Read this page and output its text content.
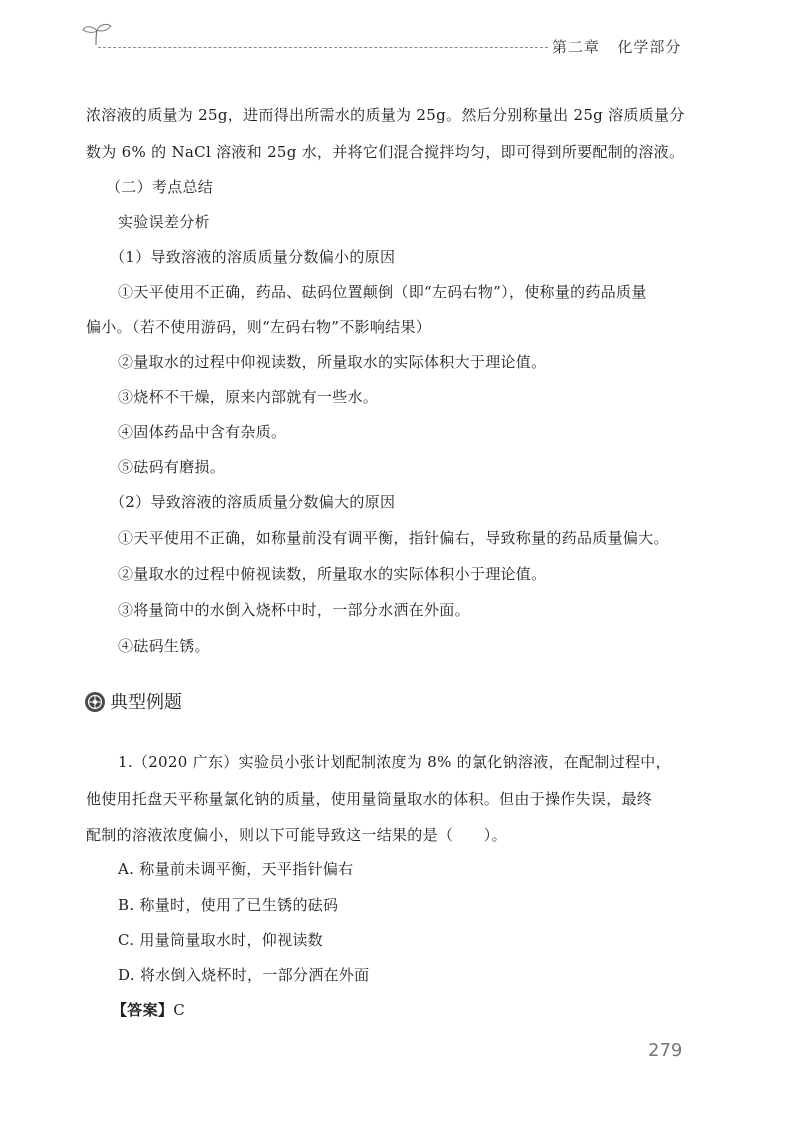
第二章 化学部分
浓溶液的质量为 25g，进而得出所需水的质量为 25g。然后分别称量出 25g 溶质质量分
数为 6% 的 NaCl 溶液和 25g 水，并将它们混合搅拌均匀，即可得到所要配制的溶液。
（二）考点总结
实验误差分析
（1）导致溶液的溶质质量分数偏小的原因
①天平使用不正确，药品、砝码位置颠倒（即“左码右物”），使称量的药品质量
偏小。（若不使用游码，则“左码右物”不影响结果）
②量取水的过程中仰视读数，所量取水的实际体积大于理论值。
③烧杯不干燥，原来内部就有一些水。
④固体药品中含有杂质。
⑤砝码有磨损。
（2）导致溶液的溶质质量分数偏大的原因
①天平使用不正确，如称量前没有调平衡，指针偏右，导致称量的药品质量偏大。
②量取水的过程中俯视读数，所量取水的实际体积小于理论值。
③将量筒中的水倒入烧杯中时，一部分水洒在外面。
④砝码生锈。
典型例题
1.（2020 广东）实验员小张计划配制浓度为 8% 的氯化钠溶液，在配制过程中，
他使用托盘天平称量氯化钠的质量，使用量筒量取水的体积。但由于操作失误，最终
配制的溶液浓度偏小，则以下可能导致这一结果的是（　　）。
A. 称量前未调平衡，天平指针偏右
B. 称量时，使用了已生锈的砝码
C. 用量筒量取水时，仰视读数
D. 将水倒入烧杯时，一部分洒在外面
【答案】C
279
